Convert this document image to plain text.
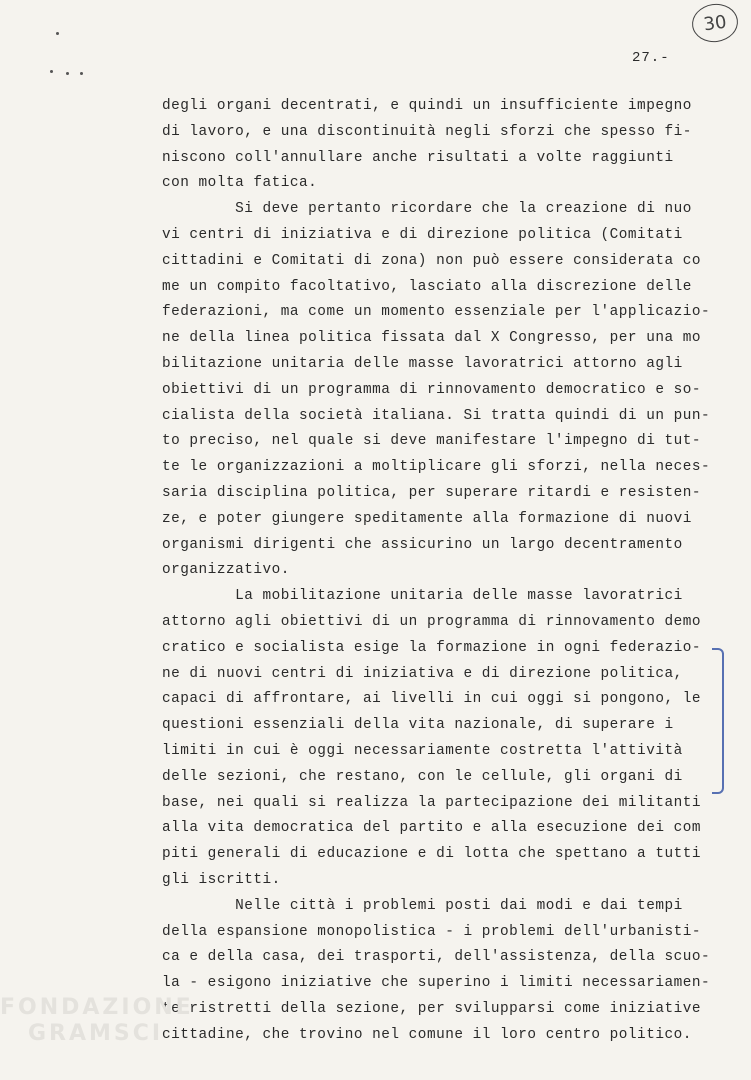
30
27.-
degli organi decentrati, e quindi un insufficiente impegno
di lavoro, e una discontinuità negli sforzi che spesso fi-
niscono coll'annullare anche risultati a volte raggiunti
con molta fatica.
Si deve pertanto ricordare che la creazione di nuo
vi centri di iniziativa e di direzione politica (Comitati
cittadini e Comitati di zona) non può essere considerata co
me un compito facoltativo, lasciato alla discrezione delle
federazioni, ma come un momento essenziale per l'applicazio-
ne della linea politica fissata dal X Congresso, per una mo
bilitazione unitaria delle masse lavoratrici attorno agli
obiettivi di un programma di rinnovamento democratico e so-
cialista della società italiana. Si tratta quindi di un pun-
to preciso, nel quale si deve manifestare l'impegno di tut-
te le organizzazioni a moltiplicare gli sforzi, nella neces-
saria disciplina politica, per superare ritardi e resisten-
ze, e poter giungere speditamente alla formazione di nuovi
organismi dirigenti che assicurino un largo decentramento
organizzativo.
La mobilitazione unitaria delle masse lavoratrici
attorno agli obiettivi di un programma di rinnovamento demo
cratico e socialista esige la formazione in ogni federazio-
ne di nuovi centri di iniziativa e di direzione politica,
capaci di affrontare, ai livelli in cui oggi si pongono, le
questioni essenziali della vita nazionale, di superare i
limiti in cui è oggi necessariamente costretta l'attività
delle sezioni, che restano, con le cellule, gli organi di
base, nei quali si realizza la partecipazione dei militanti
alla vita democratica del partito e alla esecuzione dei com
piti generali di educazione e di lotta che spettano a tutti
gli iscritti.
Nelle città i problemi posti dai modi e dai tempi
della espansione monopolistica - i problemi dell'urbanisti-
ca e della casa, dei trasporti, dell'assistenza, della scuo-
la - esigono iniziative che superino i limiti necessariamen-
te ristretti della sezione, per svilupparsi come iniziative
cittadine, che trovino nel comune il loro centro politico.
FONDAZIONE
GRAMSCI
